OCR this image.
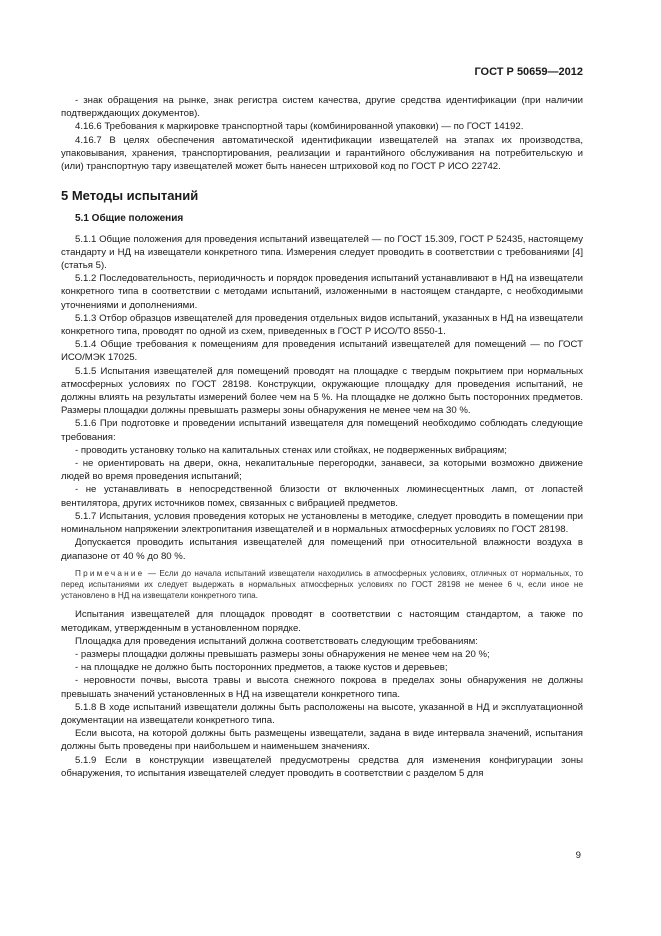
ГОСТ Р 50659—2012

- знак обращения на рынке, знак регистра систем качества, другие средства идентификации (при наличии подтверждающих документов).

4.16.6 Требования к маркировке транспортной тары (комбинированной упаковки) — по ГОСТ 14192.

4.16.7 В целях обеспечения автоматической идентификации извещателей на этапах их производства, упаковывания, хранения, транспортирования, реализации и гарантийного обслуживания на потребительскую и (или) транспортную тару извещателей может быть нанесен штриховой код по ГОСТ Р ИСО 22742.

5 Методы испытаний
5.1 Общие положения

5.1.1 Общие положения для проведения испытаний извещателей — по ГОСТ 15.309, ГОСТ Р 52435, настоящему стандарту и НД на извещатели конкретного типа. Измерения следует проводить в соответствии с требованиями [4] (статья 5).

5.1.2 Последовательность, периодичность и порядок проведения испытаний устанавливают в НД на извещатели конкретного типа в соответствии с методами испытаний, изложенными в настоящем стандарте, с необходимыми уточнениями и дополнениями.

5.1.3 Отбор образцов извещателей для проведения отдельных видов испытаний, указанных в НД на извещатели конкретного типа, проводят по одной из схем, приведенных в ГОСТ Р ИСО/ТО 8550-1.

5.1.4 Общие требования к помещениям для проведения испытаний извещателей для помещений — по ГОСТ ИСО/МЭК 17025.

5.1.5 Испытания извещателей для помещений проводят на площадке с твердым покрытием при нормальных атмосферных условиях по ГОСТ 28198. Конструкции, окружающие площадку для проведения испытаний, не должны влиять на результаты измерений более чем на 5 %. На площадке не должно быть посторонних предметов. Размеры площадки должны превышать размеры зоны обнаружения не менее чем на 30 %.

5.1.6 При подготовке и проведении испытаний извещателя для помещений необходимо соблюдать следующие требования:

- проводить установку только на капитальных стенах или стойках, не подверженных вибрациям;

- не ориентировать на двери, окна, некапитальные перегородки, занавеси, за которыми возможно движение людей во время проведения испытаний;

- не устанавливать в непосредственной близости от включенных люминесцентных ламп, от лопастей вентилятора, других источников помех, связанных с вибрацией предметов.

5.1.7 Испытания, условия проведения которых не установлены в методике, следует проводить в помещении при номинальном напряжении электропитания извещателей и в нормальных атмосферных условиях по ГОСТ 28198.

Допускается проводить испытания извещателей для помещений при относительной влажности воздуха в диапазоне от 40 % до 80 %.

Примечание — Если до начала испытаний извещатели находились в атмосферных условиях, отличных от нормальных, то перед испытаниями их следует выдержать в нормальных атмосферных условиях по ГОСТ 28198 не менее 6 ч, если иное не установлено в НД на извещатели конкретного типа.

Испытания извещателей для площадок проводят в соответствии с настоящим стандартом, а также по методикам, утвержденным в установленном порядке.

Площадка для проведения испытаний должна соответствовать следующим требованиям:

- размеры площадки должны превышать размеры зоны обнаружения не менее чем на 20 %;

- на площадке не должно быть посторонних предметов, а также кустов и деревьев;

- неровности почвы, высота травы и высота снежного покрова в пределах зоны обнаружения не должны превышать значений установленных в НД на извещатели конкретного типа.

5.1.8 В ходе испытаний извещатели должны быть расположены на высоте, указанной в НД и эксплуатационной документации на извещатели конкретного типа.

Если высота, на которой должны быть размещены извещатели, задана в виде интервала значений, испытания должны быть проведены при наибольшем и наименьшем значениях.

5.1.9 Если в конструкции извещателей предусмотрены средства для изменения конфигурации зоны обнаружения, то испытания извещателей следует проводить в соответствии с разделом 5 для

9
